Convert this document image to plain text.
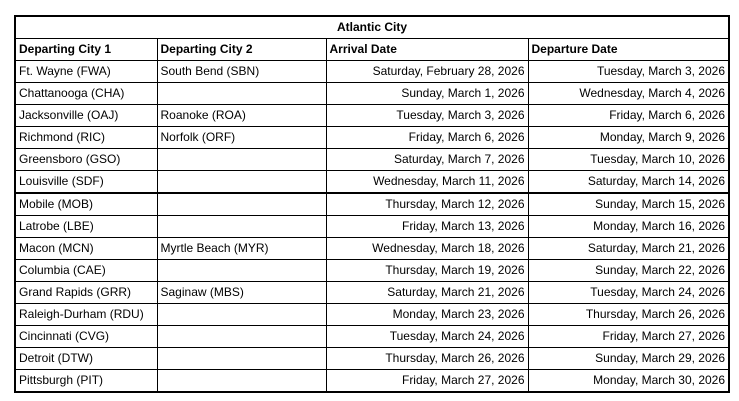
Atlantic City			
Departing City 1	Departing City 2	Arrival Date	Departure Date
Ft. Wayne (FWA)	South Bend (SBN)	Saturday, February 28, 2026	Tuesday, March 3, 2026
Chattanooga (CHA)		Sunday, March 1, 2026	Wednesday, March 4, 2026
Jacksonville (OAJ)	Roanoke (ROA)	Tuesday, March 3, 2026	Friday, March 6, 2026
Richmond (RIC)	Norfolk (ORF)	Friday, March 6, 2026	Monday, March 9, 2026
Greensboro (GSO)		Saturday, March 7, 2026	Tuesday, March 10, 2026
Louisville (SDF)		Wednesday, March 11, 2026	Saturday, March 14, 2026
Mobile (MOB)		Thursday, March 12, 2026	Sunday, March 15, 2026
Latrobe (LBE)		Friday, March 13, 2026	Monday, March 16, 2026
Macon (MCN)	Myrtle Beach (MYR)	Wednesday, March 18, 2026	Saturday, March 21, 2026
Columbia (CAE)		Thursday, March 19, 2026	Sunday, March 22, 2026
Grand Rapids (GRR)	Saginaw (MBS)	Saturday, March 21, 2026	Tuesday, March 24, 2026
Raleigh-Durham (RDU)		Monday, March 23, 2026	Thursday, March 26, 2026
Cincinnati (CVG)		Tuesday, March 24, 2026	Friday, March 27, 2026
Detroit (DTW)		Thursday, March 26, 2026	Sunday, March 29, 2026
Pittsburgh (PIT)		Friday, March 27, 2026	Monday, March 30, 2026
